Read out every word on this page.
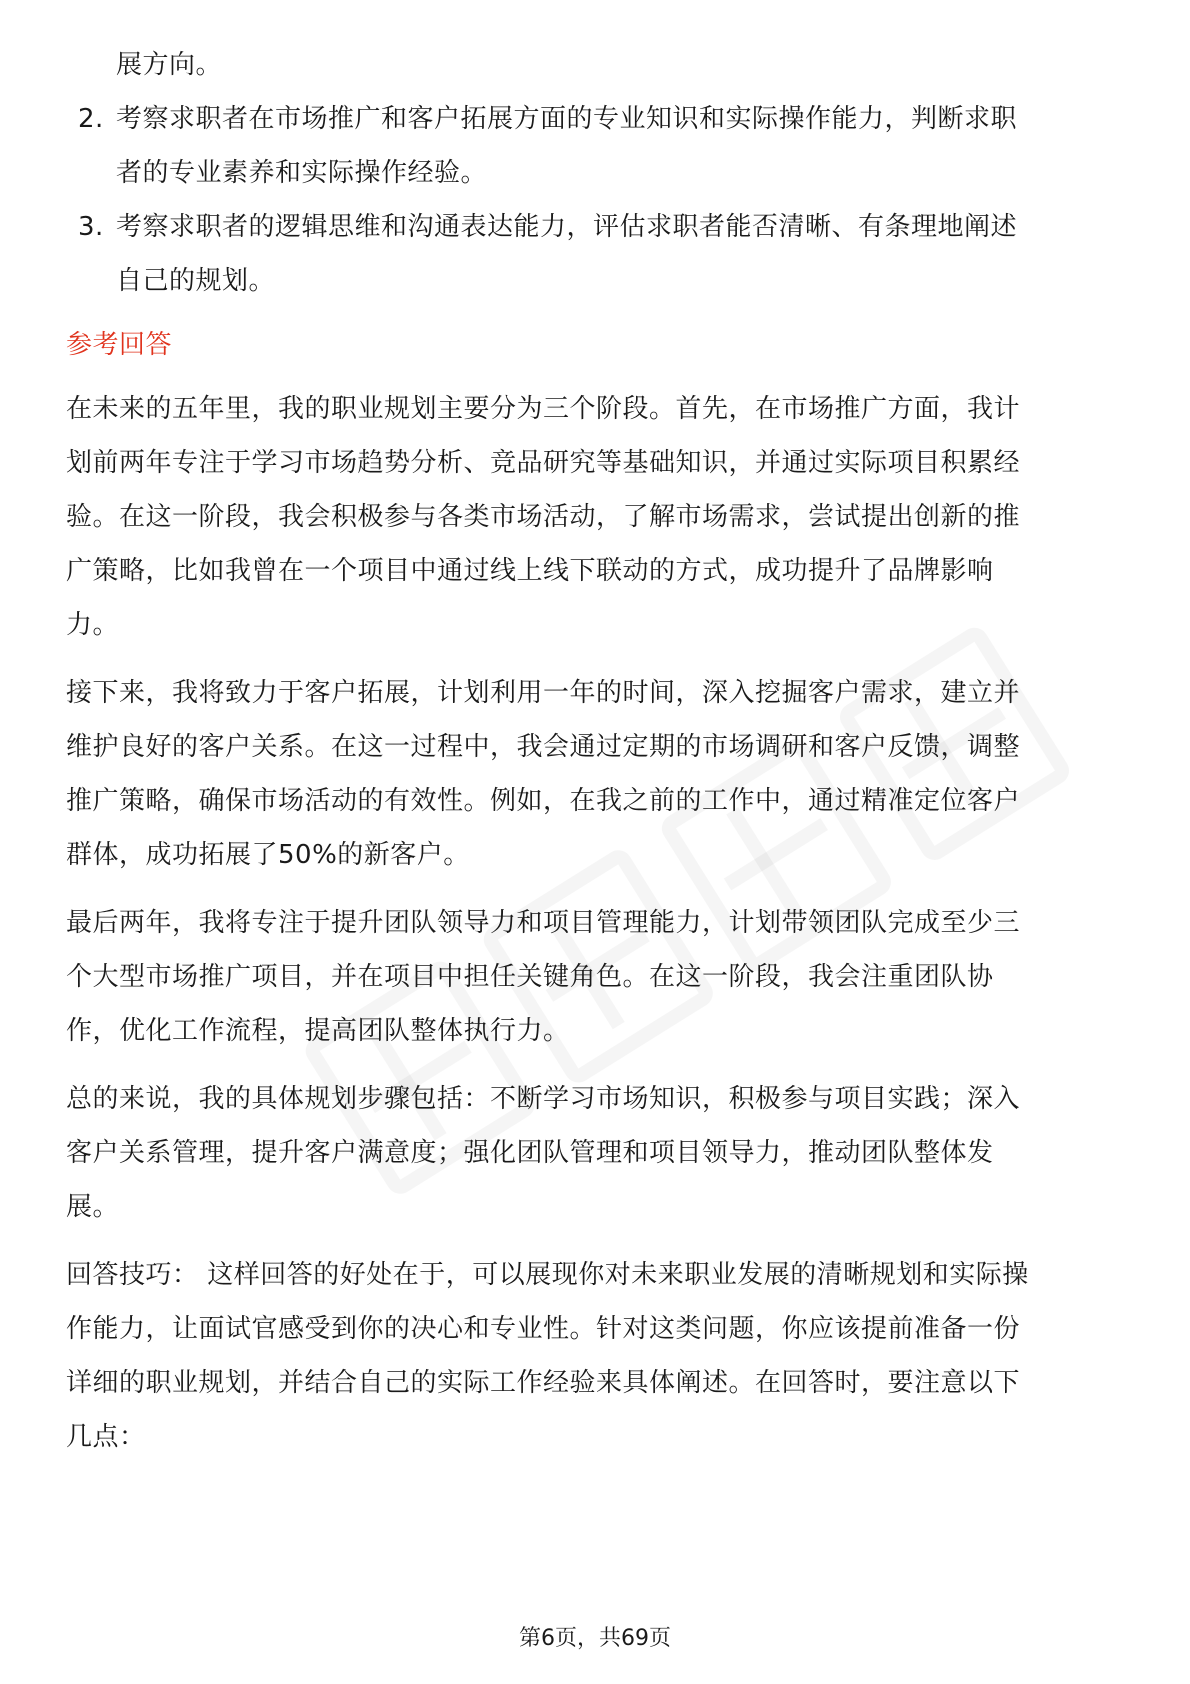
展方向。
2. 考察求职者在市场推广和客户拓展方面的专业知识和实际操作能力，判断求职
者的专业素养和实际操作经验。
3. 考察求职者的逻辑思维和沟通表达能力，评估求职者能否清晰、有条理地阐述
自己的规划。
参考回答
在未来的五年里，我的职业规划主要分为三个阶段。首先，在市场推广方面，我计
划前两年专注于学习市场趋势分析、竞品研究等基础知识，并通过实际项目积累经
验。在这一阶段，我会积极参与各类市场活动，了解市场需求，尝试提出创新的推
广策略，比如我曾在一个项目中通过线上线下联动的方式，成功提升了品牌影响
力。
接下来，我将致力于客户拓展，计划利用一年的时间，深入挖掘客户需求，建立并
维护良好的客户关系。在这一过程中，我会通过定期的市场调研和客户反馈，调整
推广策略，确保市场活动的有效性。例如，在我之前的工作中，通过精准定位客户
群体，成功拓展了50%的新客户。
最后两年，我将专注于提升团队领导力和项目管理能力，计划带领团队完成至少三
个大型市场推广项目，并在项目中担任关键角色。在这一阶段，我会注重团队协
作，优化工作流程，提高团队整体执行力。
总的来说，我的具体规划步骤包括：不断学习市场知识，积极参与项目实践；深入
客户关系管理，提升客户满意度；强化团队管理和项目领导力，推动团队整体发
展。
回答技巧： 这样回答的好处在于，可以展现你对未来职业发展的清晰规划和实际操
作能力，让面试官感受到你的决心和专业性。针对这类问题，你应该提前准备一份
详细的职业规划，并结合自己的实际工作经验来具体阐述。在回答时，要注意以下
几点：
第6页，共69页
